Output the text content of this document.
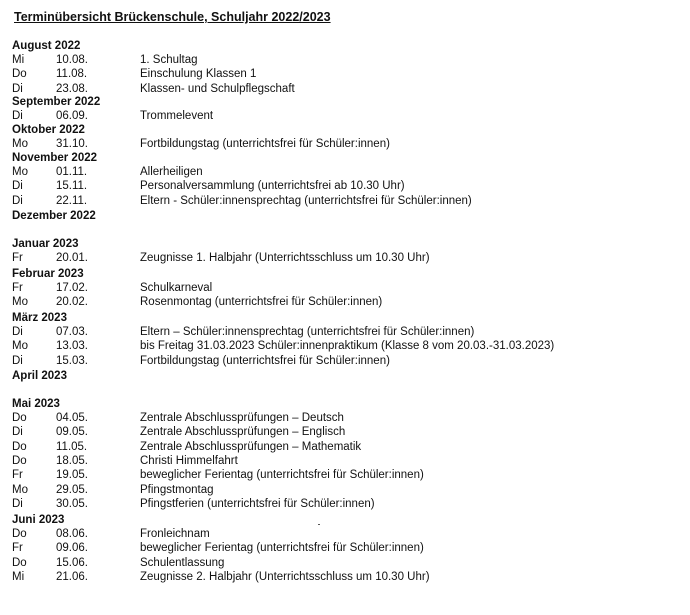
Terminübersicht Brückenschule, Schuljahr 2022/2023
August 2022
Mi	10.08.	1. Schultag
Do	11.08.	Einschulung Klassen 1
Di	23.08.	Klassen- und Schulpflegschaft
September 2022
Di	06.09.	Trommelevent
Oktober 2022
Mo 31.10.	Fortbildungstag (unterrichtsfrei für Schüler:innen)
November 2022
Mo 01.11.	Allerheiligen
Di	15.11.	Personalversammlung (unterrichtsfrei ab 10.30 Uhr)
Di	22.11.	Eltern - Schüler:innensprechtag (unterrichtsfrei für Schüler:innen)
Dezember 2022
Januar 2023
Fr	20.01.	Zeugnisse 1. Halbjahr (Unterrichtsschluss um 10.30 Uhr)
Februar 2023
Fr	17.02.	Schulkarneval
Mo 20.02.	Rosenmontag (unterrichtsfrei für Schüler:innen)
März 2023
Di	07.03.	Eltern – Schüler:innensprechtag (unterrichtsfrei für Schüler:innen)
Mo 13.03.	bis Freitag 31.03.2023 Schüler:innenpraktikum (Klasse 8 vom 20.03.-31.03.2023)
Di	15.03.	Fortbildungstag (unterrichtsfrei für Schüler:innen)
April 2023
Mai 2023
Do	04.05.	Zentrale Abschlussprüfungen – Deutsch
Di	09.05.	Zentrale Abschlussprüfungen – Englisch
Do	11.05.	Zentrale Abschlussprüfungen – Mathematik
Do	18.05.	Christi Himmelfahrt
Fr	19.05.	beweglicher Ferientag (unterrichtsfrei für Schüler:innen)
Mo 29.05.	Pfingstmontag
Di	30.05.	Pfingstferien (unterrichtsfrei für Schüler:innen)
Juni 2023
Do	08.06.	Fronleichnam
Fr	09.06.	beweglicher Ferientag (unterrichtsfrei für Schüler:innen)
Do	15.06.	Schulentlassung
Mi	21.06.	Zeugnisse 2. Halbjahr (Unterrichtsschluss um 10.30 Uhr)
